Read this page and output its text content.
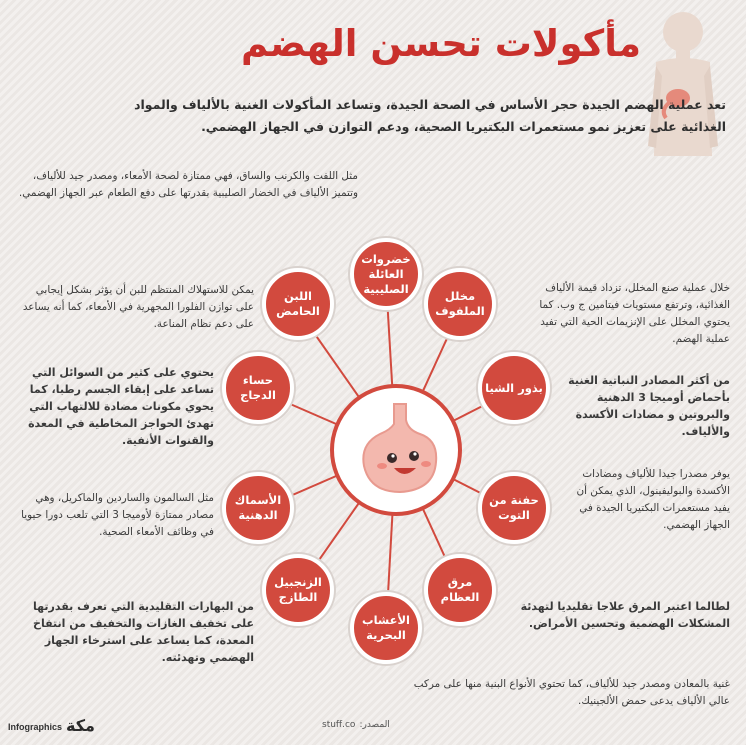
مأكولات تحسن الهضم
تعد عملية الهضم الجيدة حجر الأساس في الصحة الجيدة، وتساعد المأكولات الغنية بالألياف والمواد الغذائية على تعزيز نمو مستعمرات البكتيريا الصحية، ودعم التوازن في الجهاز الهضمي.
خضروات العائلة الصليبية
مخلل الملفوف
بذور الشيا
حفنة من التوت
مرق العظام
الأعشاب البحرية
الزنجبيل الطازج
الأسماك الدهنية
حساء الدجاج
اللبن الحامض
مثل اللفت والكرنب والساق، فهي ممتازة لصحة الأمعاء، ومصدر جيد للألياف، وتتميز الألياف في الخضار الصليبية بقدرتها على دفع الطعام عبر الجهاز الهضمي.
خلال عملية صنع المخلل، تزداد قيمة الألياف الغذائية، وترتفع مستويات فيتامين ج وب. كما يحتوي المخلل على الإنزيمات الحية التي تفيد عملية الهضم.
من أكثر المصادر النباتية الغنية بأحماض أوميجا 3 الدهنية والبروتين و مضادات الأكسدة والألياف.
يوفر مصدرا جيدا للألياف ومضادات الأكسدة والبوليفينول، الذي يمكن أن يفيد مستعمرات البكتيريا الجيدة في الجهاز الهضمي.
لطالما اعتبر المرق علاجا تقليديا لتهدئة المشكلات الهضمية وتحسين الأمراض.
غنية بالمعادن ومصدر جيد للألياف، كما تحتوي الأنواع البنية منها على مركب عالي الألياف يدعى حمض الألجينيك.
من البهارات التقليدية التي تعرف بقدرتها على تخفيف الغازات والتخفيف من انتفاخ المعدة، كما يساعد على استرخاء الجهاز الهضمي وتهدئته.
مثل السالمون والساردين والماكريل، وهي مصادر ممتازة لأوميجا 3 التي تلعب دورا حيويا في وظائف الأمعاء الصحية.
يحتوي على كثير من السوائل التي تساعد على إبقاء الجسم رطبا، كما يحوي مكونات مضادة للالتهاب التي تهدئ الحواجز المخاطية في المعدة والقنوات الأنفية.
يمكن للاستهلاك المنتظم للبن أن يؤثر بشكل إيجابي على توازن الفلورا المجهرية في الأمعاء، كما أنه يساعد على دعم نظام المناعة.
Infographics مكة	المصدر:stuff.co
